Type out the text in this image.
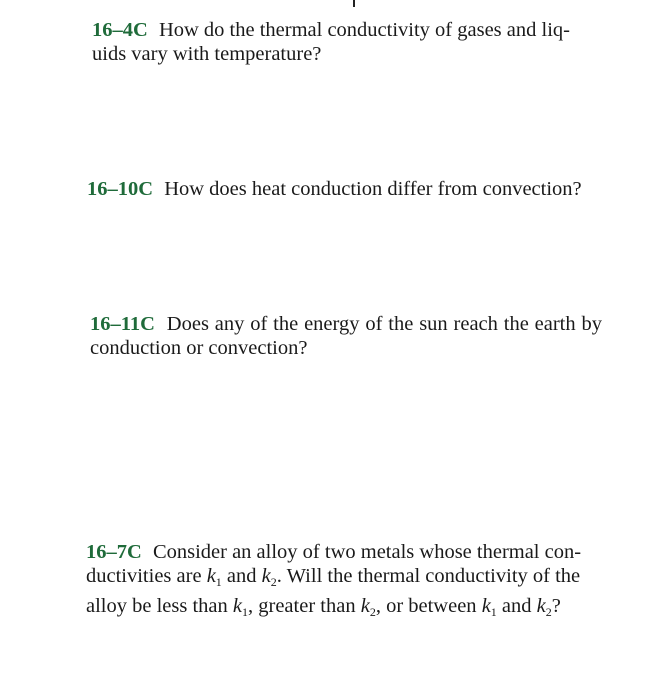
16–4C How do the thermal conductivity of gases and liq-
uids vary with temperature?
16–10C How does heat conduction differ from convection?
16–11C Does any of the energy of the sun reach the earth by conduction or convection?
16–7C Consider an alloy of two metals whose thermal con-
ductivities are $k_1$ and $k_2$. Will the thermal conductivity of the
alloy be less than $k_1$, greater than $k_2$, or between $k_1$ and $k_2$?
